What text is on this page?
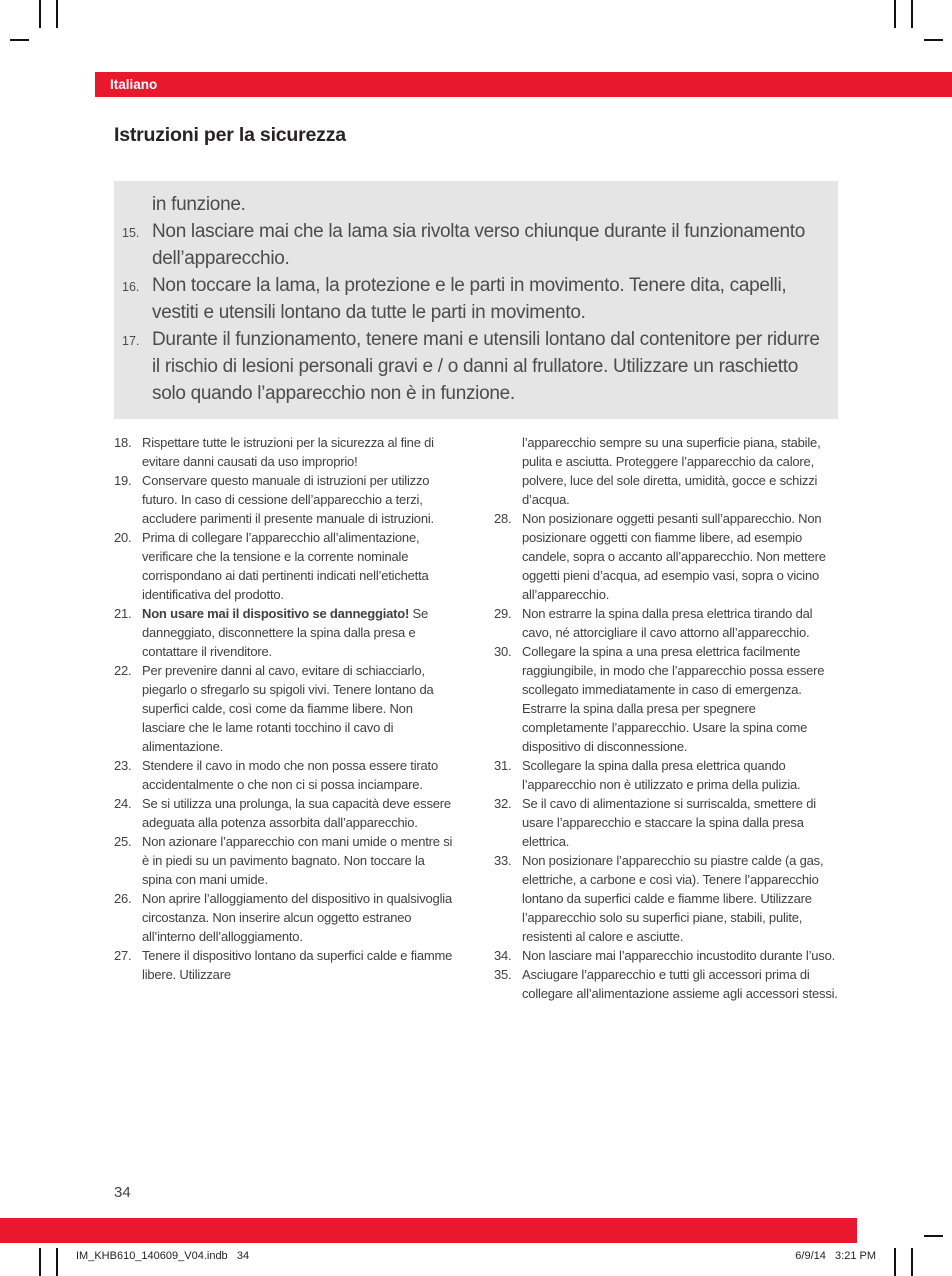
Italiano
Istruzioni per la sicurezza
in funzione.
15. Non lasciare mai che la lama sia rivolta verso chiunque durante il funzionamento dell’apparecchio.
16. Non toccare la lama, la protezione e le parti in movimento. Tenere dita, capelli, vestiti e utensili lontano da tutte le parti in movimento.
17. Durante il funzionamento, tenere mani e utensili lontano dal contenitore per ridurre il rischio di lesioni personali gravi e / o danni al frullatore. Utilizzare un raschietto solo quando l’apparecchio non è in funzione.
18. Rispettare tutte le istruzioni per la sicurezza al fine di evitare danni causati da uso improprio!
19. Conservare questo manuale di istruzioni per utilizzo futuro. In caso di cessione dell’apparecchio a terzi, accludere parimenti il presente manuale di istruzioni.
20. Prima di collegare l’apparecchio all’alimentazione, verificare che la tensione e la corrente nominale corrispondano ai dati pertinenti indicati nell’etichetta identificativa del prodotto.
21. Non usare mai il dispositivo se danneggiato! Se danneggiato, disconnettere la spina dalla presa e contattare il rivenditore.
22. Per prevenire danni al cavo, evitare di schiacciarlo, piegarlo o sfregarlo su spigoli vivi. Tenere lontano da superfici calde, così come da fiamme libere. Non lasciare che le lame rotanti tocchino il cavo di alimentazione.
23. Stendere il cavo in modo che non possa essere tirato accidentalmente o che non ci si possa inciampare.
24. Se si utilizza una prolunga, la sua capacità deve essere adeguata alla potenza assorbita dall’apparecchio.
25. Non azionare l’apparecchio con mani umide o mentre si è in piedi su un pavimento bagnato. Non toccare la spina con mani umide.
26. Non aprire l’alloggiamento del dispositivo in qualsivoglia circostanza. Non inserire alcun oggetto estraneo all’interno dell’alloggiamento.
27. Tenere il dispositivo lontano da superfici calde e fiamme libere. Utilizzare
l’apparecchio sempre su una superficie piana, stabile, pulita e asciutta. Proteggere l’apparecchio da calore, polvere, luce del sole diretta, umidità, gocce e schizzi d’acqua.
28. Non posizionare oggetti pesanti sull’apparecchio. Non posizionare oggetti con fiamme libere, ad esempio candele, sopra o accanto all’apparecchio. Non mettere oggetti pieni d’acqua, ad esempio vasi, sopra o vicino all’apparecchio.
29. Non estrarre la spina dalla presa elettrica tirando dal cavo, né attorcigliare il cavo attorno all’apparecchio.
30. Collegare la spina a una presa elettrica facilmente raggiungibile, in modo che l’apparecchio possa essere scollegato immediatamente in caso di emergenza. Estrarre la spina dalla presa per spegnere completamente l’apparecchio. Usare la spina come dispositivo di disconnessione.
31. Scollegare la spina dalla presa elettrica quando l’apparecchio non è utilizzato e prima della pulizia.
32. Se il cavo di alimentazione si surriscalda, smettere di usare l’apparecchio e staccare la spina dalla presa elettrica.
33. Non posizionare l’apparecchio su piastre calde (a gas, elettriche, a carbone e così via). Tenere l’apparecchio lontano da superfici calde e fiamme libere. Utilizzare l’apparecchio solo su superfici piane, stabili, pulite, resistenti al calore e asciutte.
34. Non lasciare mai l’apparecchio incustodito durante l’uso.
35. Asciugare l’apparecchio e tutti gli accessori prima di collegare all’alimentazione assieme agli accessori stessi.
34
IM_KHB610_140609_V04.indb   34	6/9/14   3:21 PM
